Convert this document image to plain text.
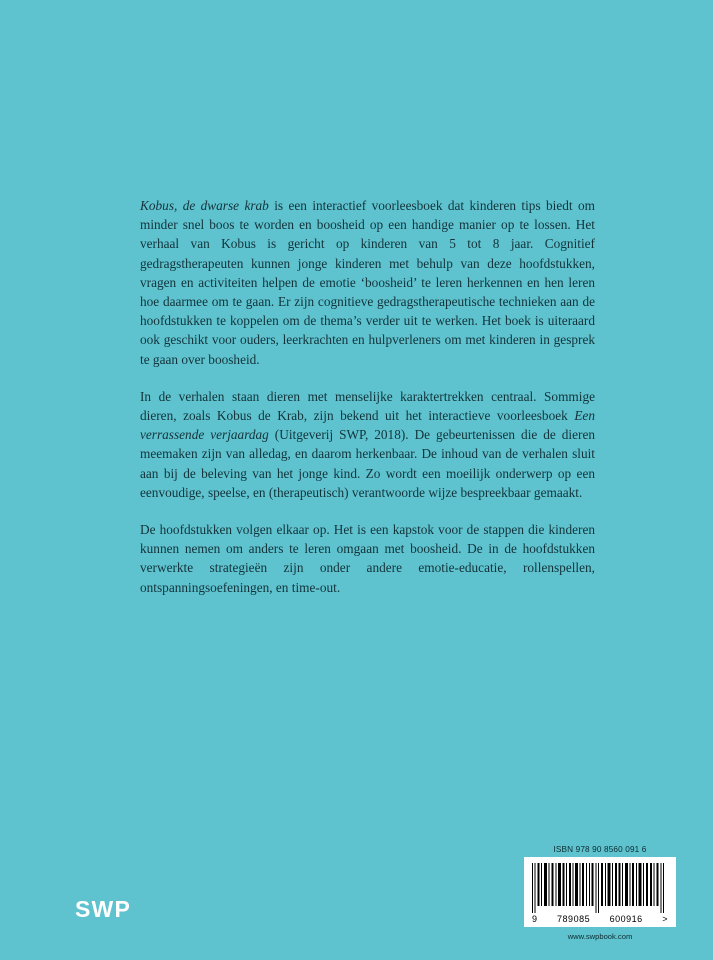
Kobus, de dwarse krab is een interactief voorleesboek dat kinderen tips biedt om minder snel boos te worden en boosheid op een handige manier op te lossen. Het verhaal van Kobus is gericht op kinderen van 5 tot 8 jaar. Cognitief gedragstherapeuten kunnen jonge kinderen met behulp van deze hoofdstukken, vragen en activiteiten helpen de emotie ‘boosheid’ te leren herkennen en hen leren hoe daarmee om te gaan. Er zijn cognitieve gedragstherapeutische technieken aan de hoofdstukken te koppelen om de thema’s verder uit te werken. Het boek is uiteraard ook geschikt voor ouders, leerkrachten en hulpverleners om met kinderen in gesprek te gaan over boosheid.

In de verhalen staan dieren met menselijke karaktertrekken centraal. Sommige dieren, zoals Kobus de Krab, zijn bekend uit het interactieve voorleesboek Een verrassende verjaardag (Uitgeverij SWP, 2018). De gebeurtenissen die de dieren meemaken zijn van alledag, en daarom herkenbaar. De inhoud van de verhalen sluit aan bij de beleving van het jonge kind. Zo wordt een moeilijk onderwerp op een eenvoudige, speelse, en (therapeutisch) verantwoorde wijze bespreekbaar gemaakt.

De hoofdstukken volgen elkaar op. Het is een kapstok voor de stappen die kinderen kunnen nemen om anders te leren omgaan met boosheid. De in de hoofdstukken verwerkte strategieën zijn onder andere emotie-educatie, rollenspellen, ontspanningsoefeningen, en time-out.

SWP
ISBN 978 90 8560 091 6
9 789085 600916 >
www.swpbook.com
